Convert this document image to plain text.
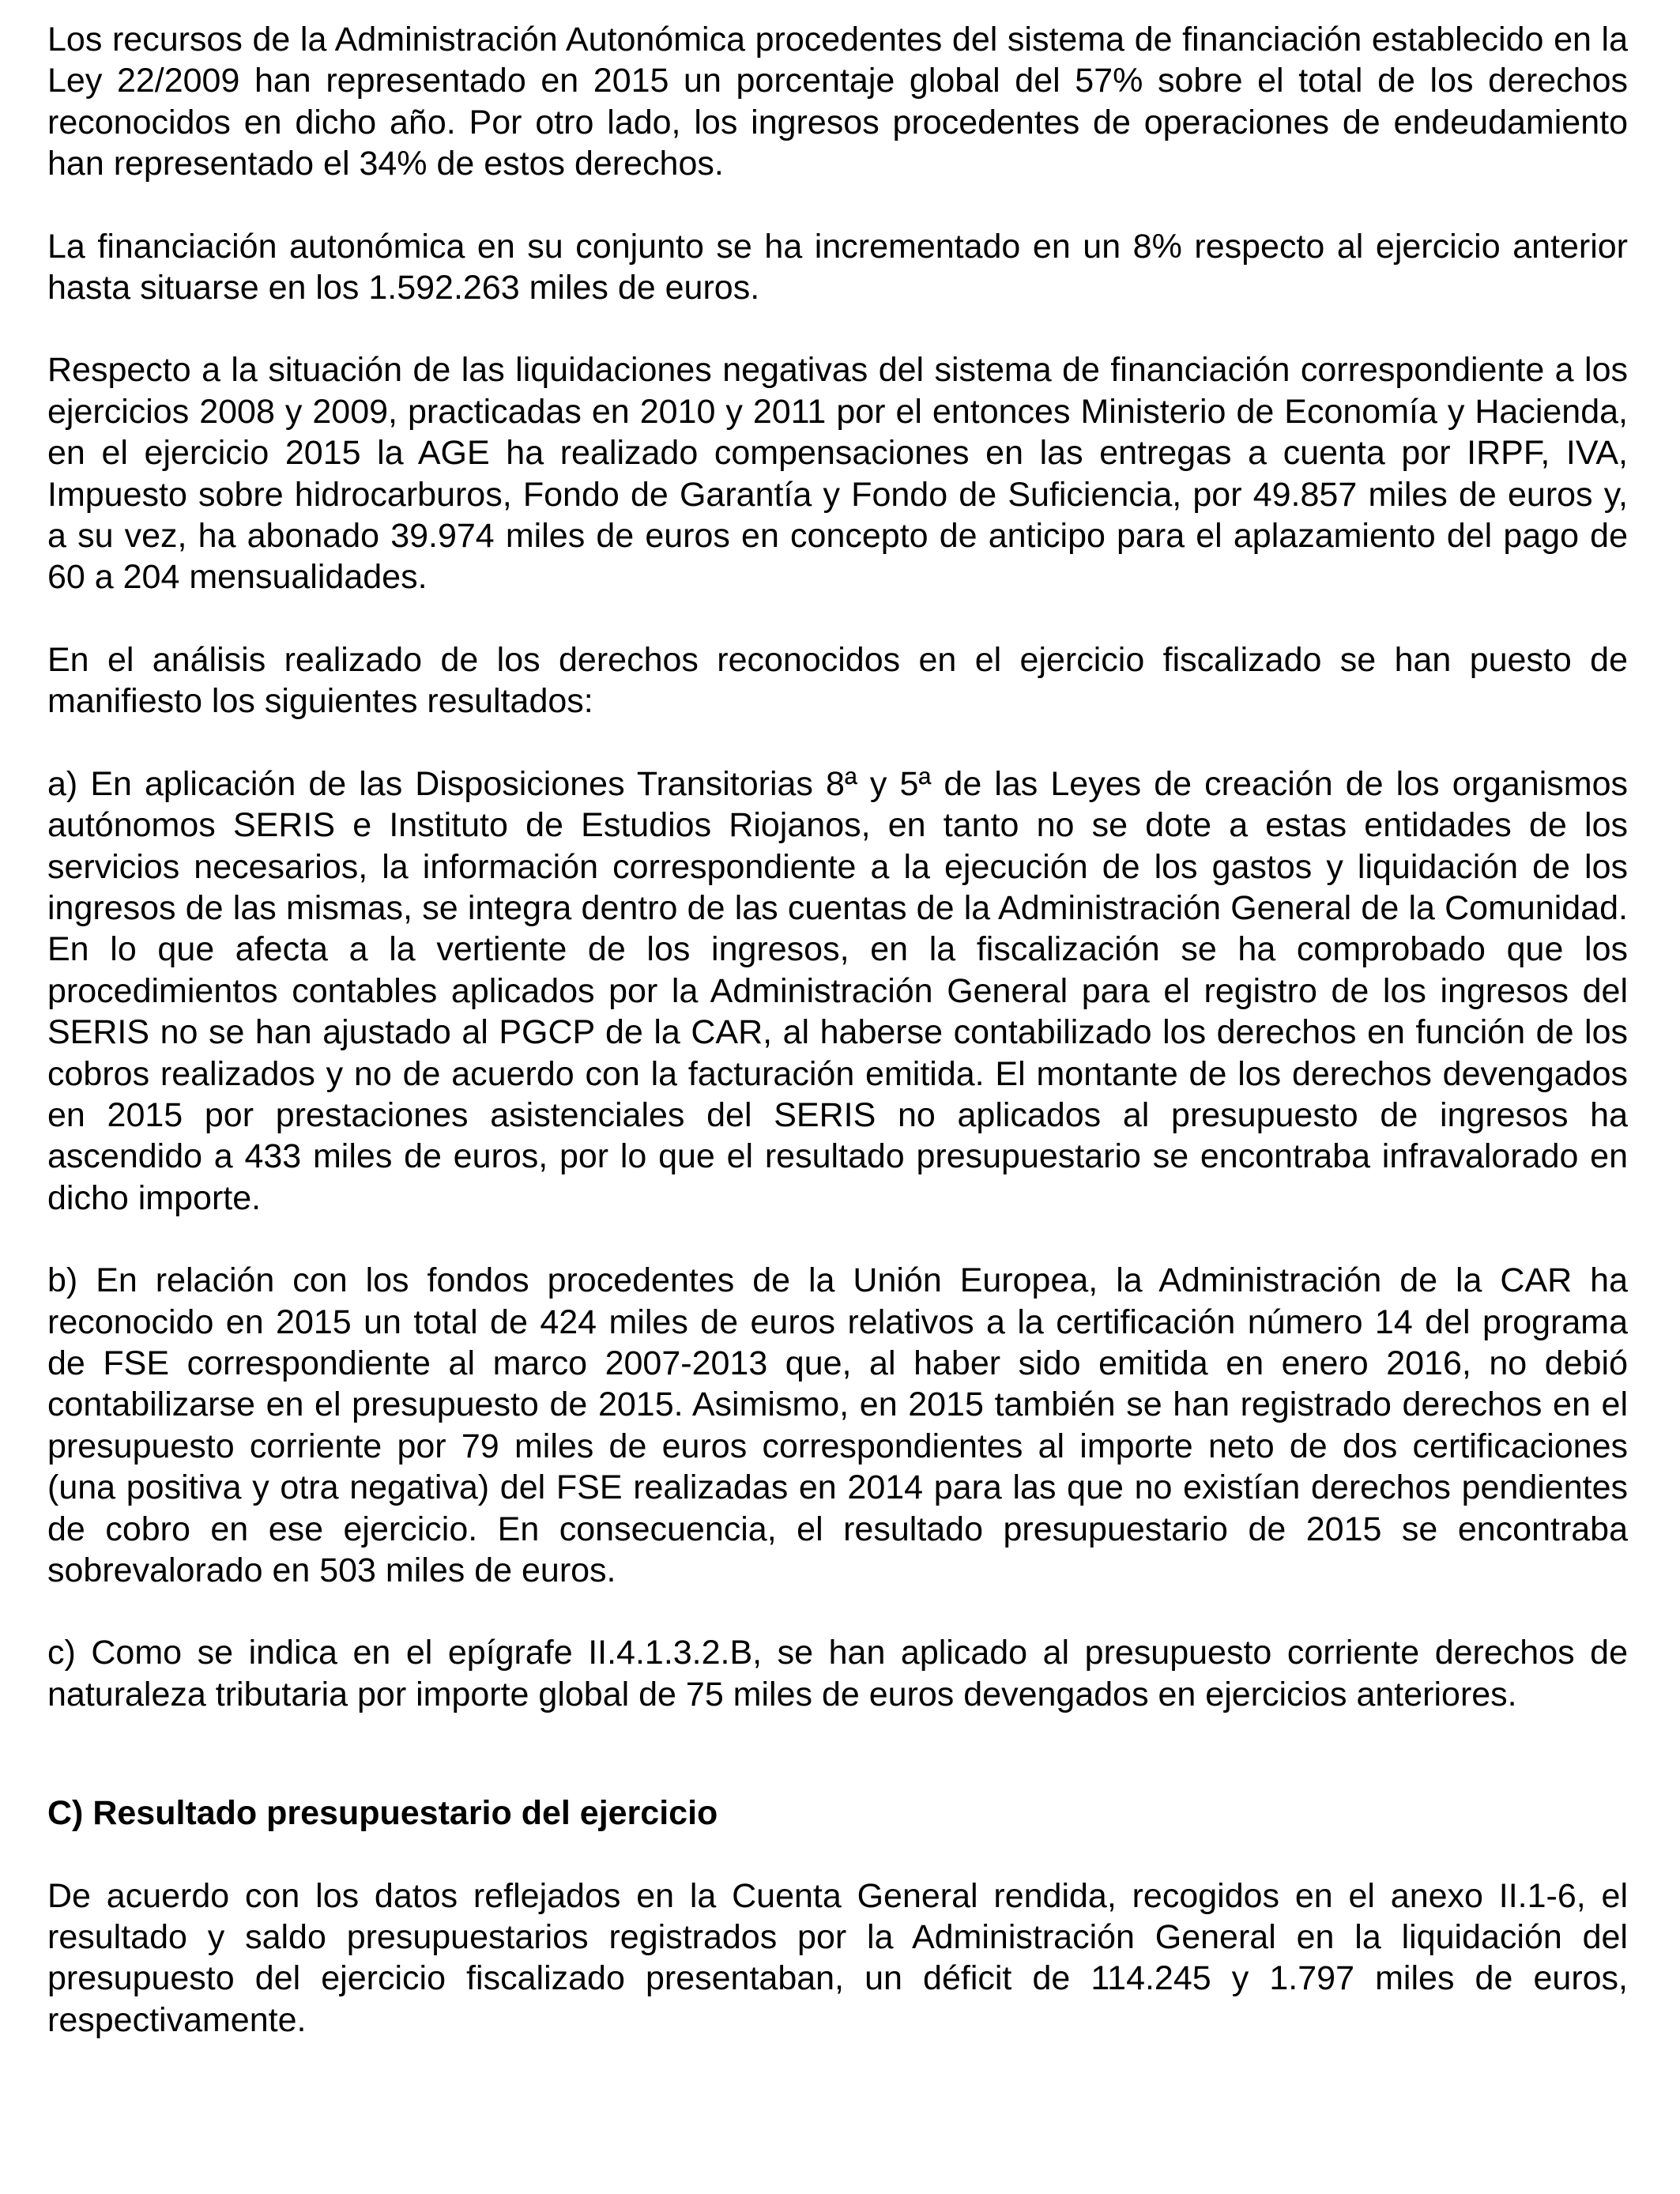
Los recursos de la Administración Autonómica procedentes del sistema de financiación establecido en la Ley 22/2009 han representado en 2015 un porcentaje global del 57% sobre el total de los derechos reconocidos en dicho año. Por otro lado, los ingresos procedentes de operaciones de endeudamiento han representado el 34% de estos derechos.

La financiación autonómica en su conjunto se ha incrementado en un 8% respecto al ejercicio anterior hasta situarse en los 1.592.263 miles de euros.

Respecto a la situación de las liquidaciones negativas del sistema de financiación correspondiente a los ejercicios 2008 y 2009, practicadas en 2010 y 2011 por el entonces Ministerio de Economía y Hacienda, en el ejercicio 2015 la AGE ha realizado compensaciones en las entregas a cuenta por IRPF, IVA, Impuesto sobre hidrocarburos, Fondo de Garantía y Fondo de Suficiencia, por 49.857 miles de euros y, a su vez, ha abonado 39.974 miles de euros en concepto de anticipo para el aplazamiento del pago de 60 a 204 mensualidades.

En el análisis realizado de los derechos reconocidos en el ejercicio fiscalizado se han puesto de manifiesto los siguientes resultados:

a) En aplicación de las Disposiciones Transitorias 8ª y 5ª de las Leyes de creación de los organismos autónomos SERIS e Instituto de Estudios Riojanos, en tanto no se dote a estas entidades de los servicios necesarios, la información correspondiente a la ejecución de los gastos y liquidación de los ingresos de las mismas, se integra dentro de las cuentas de la Administración General de la Comunidad. En lo que afecta a la vertiente de los ingresos, en la fiscalización se ha comprobado que los procedimientos contables aplicados por la Administración General para el registro de los ingresos del SERIS no se han ajustado al PGCP de la CAR, al haberse contabilizado los derechos en función de los cobros realizados y no de acuerdo con la facturación emitida. El montante de los derechos devengados en 2015 por prestaciones asistenciales del SERIS no aplicados al presupuesto de ingresos ha ascendido a 433 miles de euros, por lo que el resultado presupuestario se encontraba infravalorado en dicho importe.

b) En relación con los fondos procedentes de la Unión Europea, la Administración de la CAR ha reconocido en 2015 un total de 424 miles de euros relativos a la certificación número 14 del programa de FSE correspondiente al marco 2007-2013 que, al haber sido emitida en enero 2016, no debió contabilizarse en el presupuesto de 2015. Asimismo, en 2015 también se han registrado derechos en el presupuesto corriente por 79 miles de euros correspondientes al importe neto de dos certificaciones (una positiva y otra negativa) del FSE realizadas en 2014 para las que no existían derechos pendientes de cobro en ese ejercicio. En consecuencia, el resultado presupuestario de 2015 se encontraba sobrevalorado en 503 miles de euros.

c) Como se indica en el epígrafe II.4.1.3.2.B, se han aplicado al presupuesto corriente derechos de naturaleza tributaria por importe global de 75 miles de euros devengados en ejercicios anteriores.

C) Resultado presupuestario del ejercicio

De acuerdo con los datos reflejados en la Cuenta General rendida, recogidos en el anexo II.1-6, el resultado y saldo presupuestarios registrados por la Administración General en la liquidación del presupuesto del ejercicio fiscalizado presentaban, un déficit de 114.245 y 1.797 miles de euros, respectivamente.
